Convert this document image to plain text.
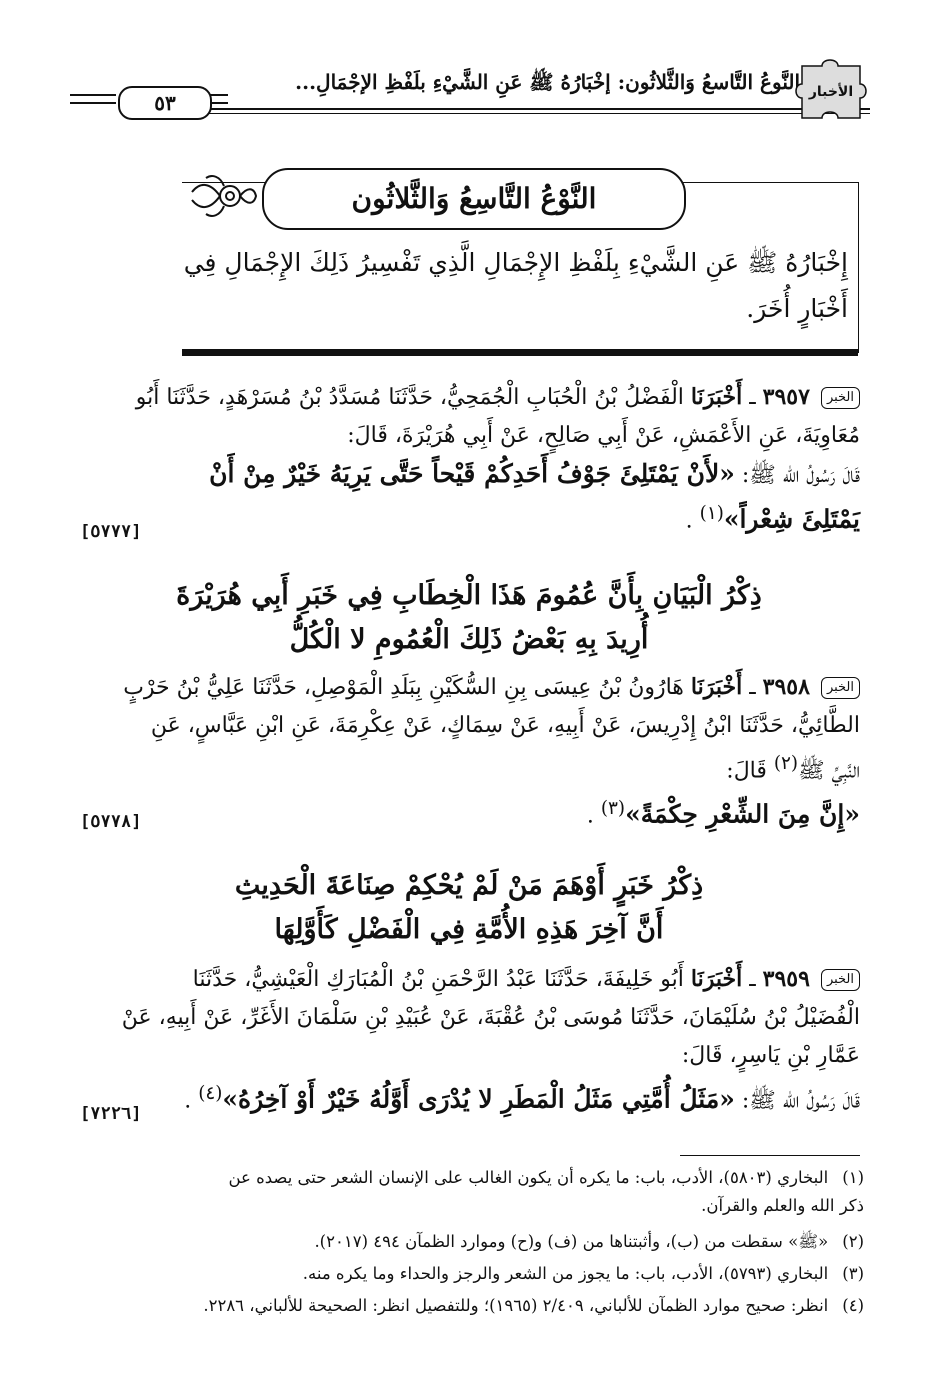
النَّوعُ التَّاسعُ وَالثَّلاثُون: إخْبَارُهُ ﷺ عَنِ الشَّيْءِ بلَفْظِ الإجْمَالِ...
٥٣	الأخبار
النَّوْعُ التَّاسِعُ وَالثَّلاثُون
إِخْبَارُهُ ﷺ عَنِ الشَّيْءِ بِلَفْظِ الإِجْمَالِ الَّذِي تَفْسِيرُ ذَلِكَ الإِجْمَالِ فِي
أَخْبَارٍ أُخَرَ.
الخبر ٣٩٥٧ ـ أَخْبَرَنَا الْفَضْلُ بْنُ الْحُبَابِ الْجُمَحِيُّ، حَدَّثَنَا مُسَدَّدُ بْنُ مُسَرْهَدٍ، حَدَّثَنَا أَبُو
مُعَاوِيَةَ، عَنِ الأَعْمَشِ، عَنْ أَبِي صَالِحٍ، عَنْ أَبِي هُرَيْرَةَ، قَالَ:
قَالَ رَسُولُ الله ﷺ: «لأَنْ يَمْتَلِئَ جَوْفُ أَحَدِكُمْ قَيْحاً حَتَّى يَرِيَهُ خَيْرٌ مِنْ أَنْ
يَمْتَلِئَ شِعْراً»$^{(١)}$ .
[٥٧٧٧]
ذِكْرُ الْبَيَانِ بِأَنَّ عُمُومَ هَذَا الْخِطَابِ فِي خَبَرِ أَبِي هُرَيْرَةَ
أُرِيدَ بِهِ بَعْضُ ذَلِكَ الْعُمُومِ لا الْكُلُّ
الخبر ٣٩٥٨ ـ أَخْبَرَنَا هَارُونُ بْنُ عِيسَى بِنِ السُّكَيْنِ بِبَلَدِ الْمَوْصِلِ، حَدَّثَنَا عَلِيُّ بْنُ حَرْبٍ
الطَّائِيُّ، حَدَّثَنَا ابْنُ إِدْرِيسَ، عَنْ أَبِيهِ، عَنْ سِمَاكٍ، عَنْ عِكْرِمَةَ، عَنِ ابْنِ عَبَّاسٍ، عَنِ
النَّبِيِّ ﷺ$^{(٢)}$ قَالَ:
«إِنَّ مِنَ الشِّعْرِ حِكْمَةً»$^{(٣)}$ .
[٥٧٧٨]
ذِكْرُ خَبَرٍ أَوْهَمَ مَنْ لَمْ يُحْكِمْ صِنَاعَةَ الْحَدِيثِ
أَنَّ آخِرَ هَذِهِ الأُمَّةِ فِي الْفَضْلِ كَأَوَّلِهَا
الخبر ٣٩٥٩ ـ أَخْبَرَنَا أَبُو خَلِيفَةَ، حَدَّثَنَا عَبْدُ الرَّحْمَنِ بْنُ الْمُبَارَكِ الْعَيْشِيُّ، حَدَّثَنَا
الْفُضَيْلُ بْنُ سُلَيْمَانَ، حَدَّثَنَا مُوسَى بْنُ عُقْبَةَ، عَنْ عُبَيْدِ بْنِ سَلْمَانَ الأَغَرِّ، عَنْ أَبِيهِ، عَنْ
عَمَّارِ بْنِ يَاسِرٍ، قَالَ:
قَالَ رَسُولُ الله ﷺ: «مَثَلُ أُمَّتِي مَثَلُ الْمَطَرِ لا يُدْرَى أَوَّلُهُ خَيْرٌ أَوْ آخِرُهُ»$^{(٤)}$ .
[٧٢٢٦]
(١)البخاري (٥٨٠٣)، الأدب، باب: ما يكره أن يكون الغالب على الإنسان الشعر حتى يصده عن
ذكر الله والعلم والقرآن.
(٢)«ﷺ» سقطت من (ب)، وأثبتناها من (ف) و(ح) وموارد الظمآن ٤٩٤ (٢٠١٧).
(٣)البخاري (٥٧٩٣)، الأدب، باب: ما يجوز من الشعر والرجز والحداء وما يكره منه.
(٤)انظر: صحيح موارد الظمآن للألباني، ٢/٤٠٩ (١٩٦٥)؛ وللتفصيل انظر: الصحيحة للألباني، ٢٢٨٦.
